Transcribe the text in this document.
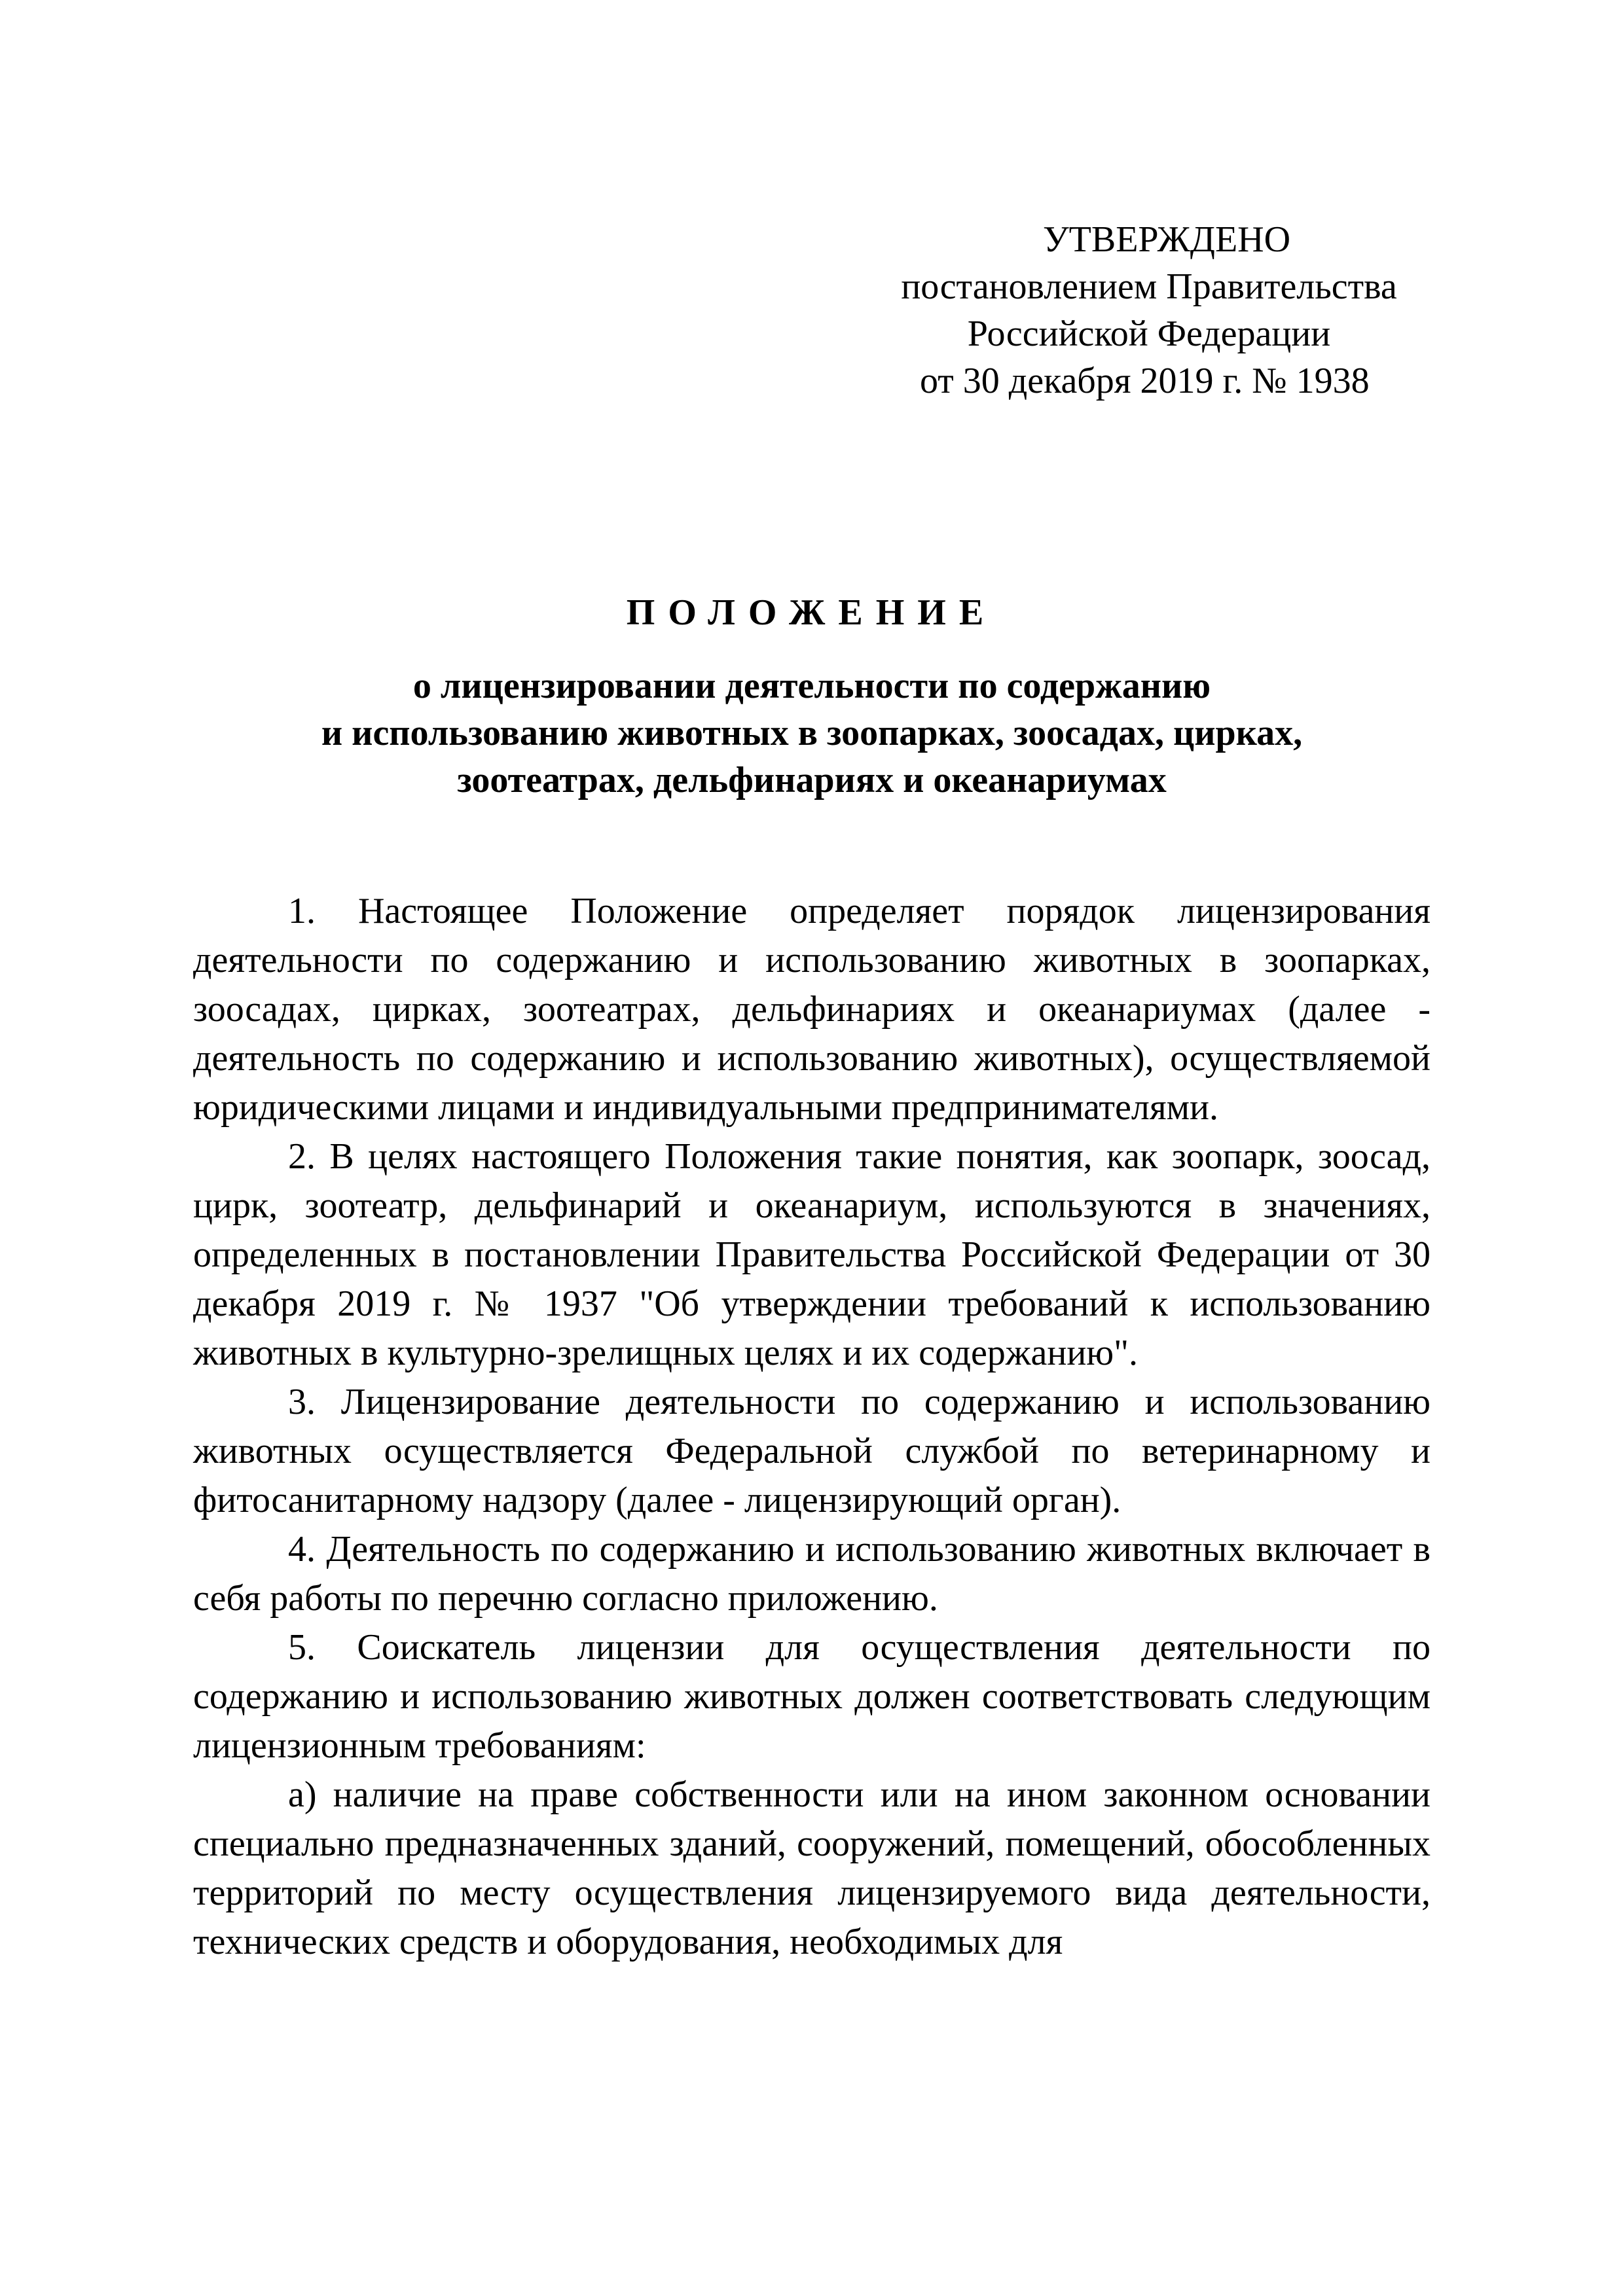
УТВЕРЖДЕНО
постановлением Правительства
Российской Федерации
от 30 декабря 2019 г. № 1938
ПОЛОЖЕНИЕ
о лицензировании деятельности по содержанию
и использованию животных в зоопарках, зоосадах, цирках,
зоотеатрах, дельфинариях и океанариумах

1. Настоящее Положение определяет порядок лицензирования деятельности по содержанию и использованию животных в зоопарках, зоосадах, цирках, зоотеатрах, дельфинариях и океанариумах (далее - деятельность по содержанию и использованию животных), осуществляемой юридическими лицами и индивидуальными предпринимателями.

2. В целях настоящего Положения такие понятия, как зоопарк, зоосад, цирк, зоотеатр, дельфинарий и океанариум, используются в значениях, определенных в постановлении Правительства Российской Федерации от 30 декабря 2019 г. № 1937 "Об утверждении требований к использованию животных в культурно-зрелищных целях и их содержанию".

3. Лицензирование деятельности по содержанию и использованию животных осуществляется Федеральной службой по ветеринарному и фитосанитарному надзору (далее - лицензирующий орган).

4. Деятельность по содержанию и использованию животных включает в себя работы по перечню согласно приложению.

5. Соискатель лицензии для осуществления деятельности по содержанию и использованию животных должен соответствовать следующим лицензионным требованиям:

а) наличие на праве собственности или на ином законном основании специально предназначенных зданий, сооружений, помещений, обособленных территорий по месту осуществления лицензируемого вида деятельности, технических средств и оборудования, необходимых для
